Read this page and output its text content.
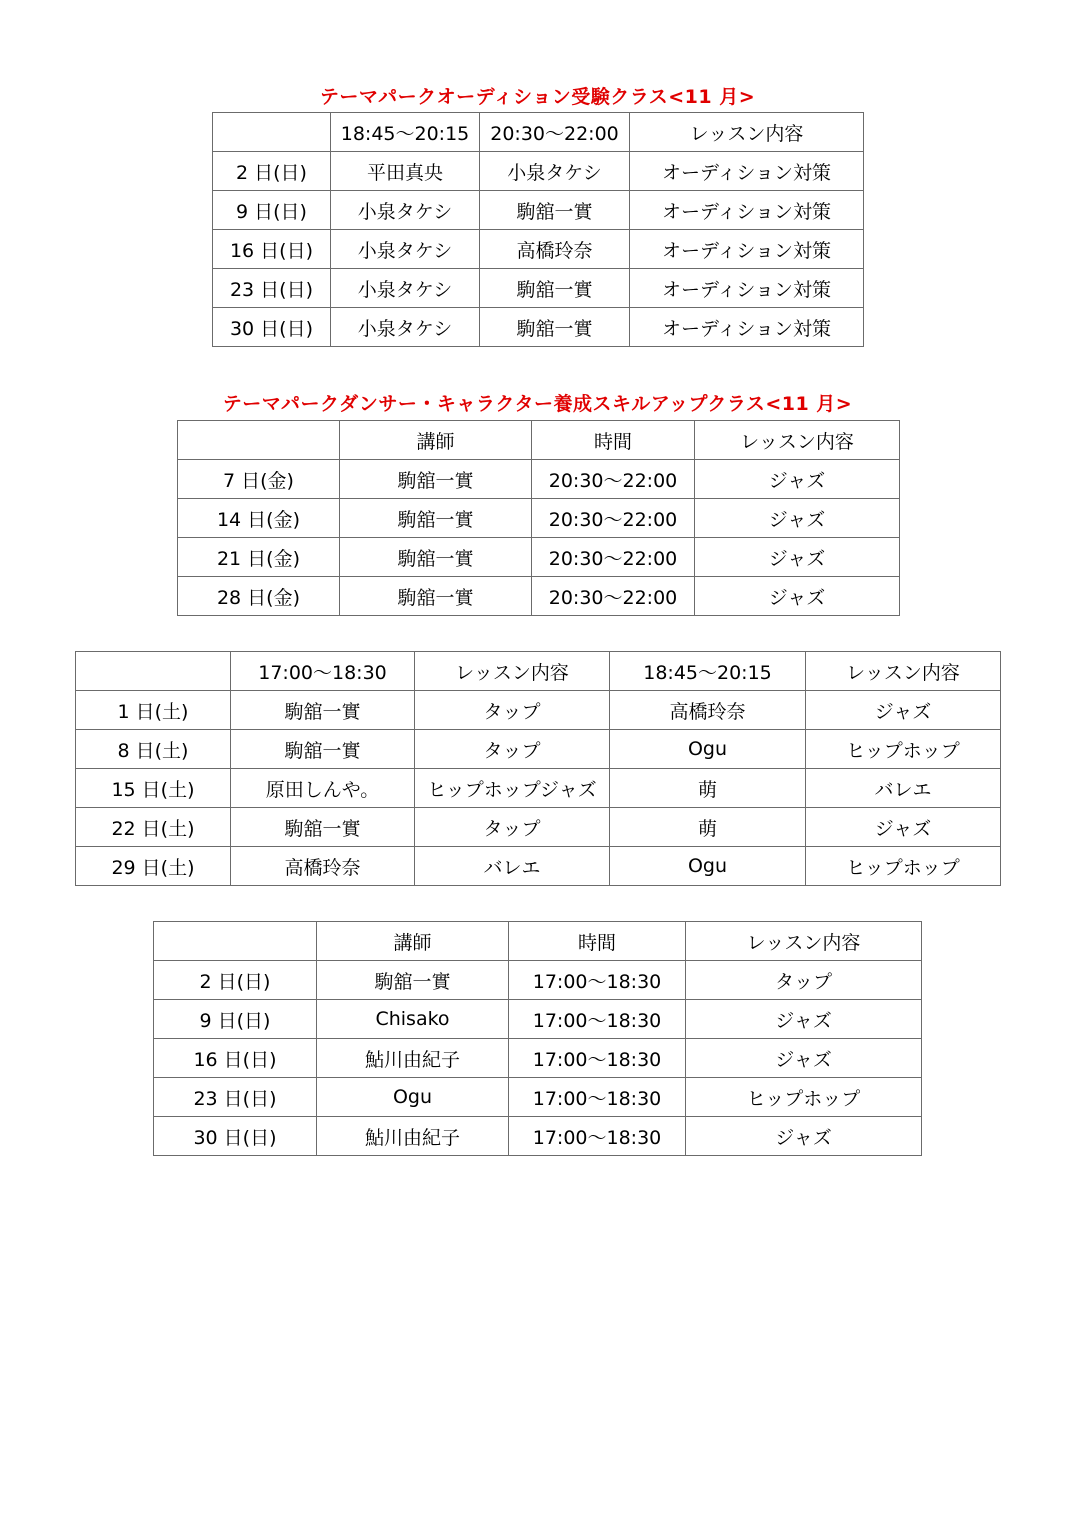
テーマパークオーディション受験クラス<11 月>
	18:45～20:15	20:30～22:00	レッスン内容
2 日(日)	平田真央	小泉タケシ	オーディション対策
9 日(日)	小泉タケシ	駒舘一實	オーディション対策
16 日(日)	小泉タケシ	高橋玲奈	オーディション対策
23 日(日)	小泉タケシ	駒舘一實	オーディション対策
30 日(日)	小泉タケシ	駒舘一實	オーディション対策
テーマパークダンサー・キャラクター養成スキルアップクラス<11 月>
	講師	時間	レッスン内容
7 日(金)	駒舘一實	20:30～22:00	ジャズ
14 日(金)	駒舘一實	20:30～22:00	ジャズ
21 日(金)	駒舘一實	20:30～22:00	ジャズ
28 日(金)	駒舘一實	20:30～22:00	ジャズ
	17:00～18:30	レッスン内容	18:45～20:15	レッスン内容
1 日(土)	駒舘一實	タップ	高橋玲奈	ジャズ
8 日(土)	駒舘一實	タップ	Ogu	ヒップホップ
15 日(土)	原田しんや。	ヒップホップジャズ	萌	バレエ
22 日(土)	駒舘一實	タップ	萌	ジャズ
29 日(土)	高橋玲奈	バレエ	Ogu	ヒップホップ
	講師	時間	レッスン内容
2 日(日)	駒舘一實	17:00～18:30	タップ
9 日(日)	Chisako	17:00～18:30	ジャズ
16 日(日)	鮎川由紀子	17:00～18:30	ジャズ
23 日(日)	Ogu	17:00～18:30	ヒップホップ
30 日(日)	鮎川由紀子	17:00～18:30	ジャズ
